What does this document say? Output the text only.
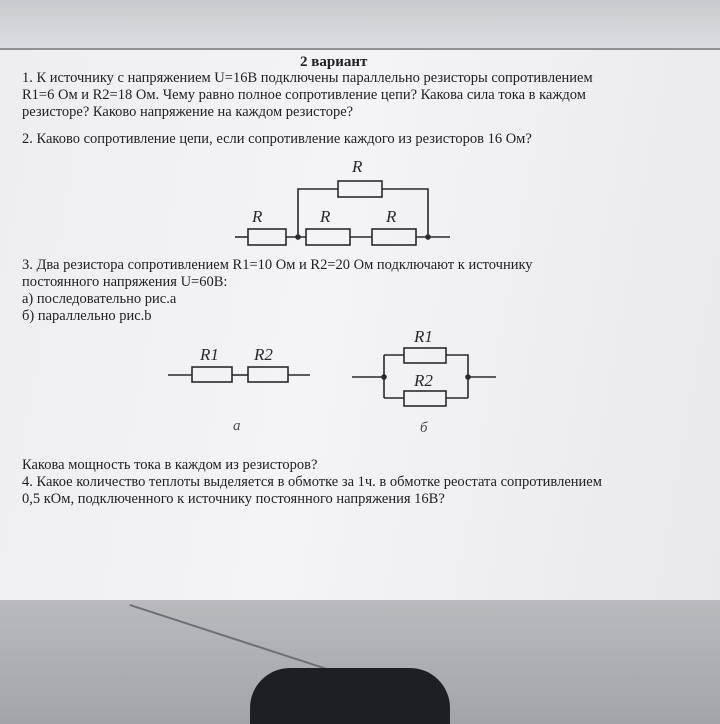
2 вариант
1. К источнику с напряжением U=16В подключены параллельно резисторы сопротивлением
R1=6 Ом и R2=18 Ом. Чему равно полное сопротивление цепи? Какова сила тока в каждом
резисторе? Каково напряжение на каждом резисторе?
2. Каково сопротивление цепи, если сопротивление каждого из резисторов 16 Ом?
3. Два резистора сопротивлением R1=10 Ом и R2=20 Ом подключают к источнику
постоянного напряжения U=60В:
а) последовательно рис.а
б) параллельно рис.b
Какова мощность тока в каждом из резисторов?
4. Какое количество теплоты выделяется в обмотке за 1ч. в обмотке реостата сопротивлением
0,5 кОм, подключенного к источнику постоянного напряжения 16В?
R
R	R	R
R1 R2
а
R1
R2
б
